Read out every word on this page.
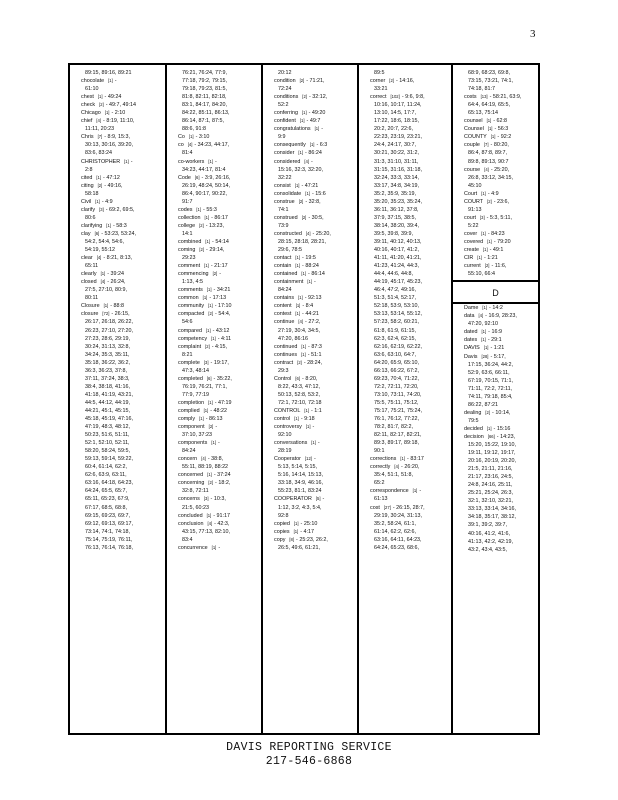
3
89:15, 89:16, 89:21
chocolate [1] -
61:10
chest [1] - 49:24
check [2] - 49:7, 49:14
Chicago [1] - 2:10
chief [4] - 8:19, 11:10,
11:11, 20:23
Chris [7] - 8:9, 15:3,
30:13, 30:16, 39:20,
83:6, 83:24
CHRISTOPHER [1] -
2:8
cited [1] - 47:12
citing [2] - 49:16,
58:18
Civil [1] - 4:9
clarify [3] - 69:2, 69:5,
80:6
clarifying [1] - 58:3
clay [6] - 53:23, 53:24,
54:2, 54:4, 54:6,
54:19, 55:12
clear [4] - 8:21, 8:13,
65:11
clearly [1] - 39:24
closed [4] - 26:24,
27:5, 27:10, 80:9,
80:11
Closure [1] - 88:8
closure [72] - 26:15,
26:17, 26:18, 26:22,
26:23, 27:10, 27:20,
27:23, 28:6, 29:19,
30:24, 31:13, 32:8,
34:24, 35:3, 35:11,
35:18, 36:22, 36:2,
36:3, 36:23, 37:8,
37:11, 37:24, 38:3,
38:4, 38:18, 41:16,
41:18, 41:19, 43:21,
44:5, 44:12, 44:19,
44:21, 45:1, 45:15,
45:18, 45:19, 47:16,
47:19, 48:3, 48:12,
50:23, 51:6, 51:11,
52:1, 52:10, 52:11,
58:20, 58:24, 59:5,
59:13, 59:14, 59:22,
60:4, 61:14, 62:2,
62:6, 63:9, 63:11,
63:16, 64:18, 64:23,
64:24, 65:5, 65:7,
65:11, 65:23, 67:9,
67:17, 68:5, 68:8,
69:15, 69:23, 69:7,
69:12, 69:13, 69:17,
73:14, 74:1, 74:18,
75:14, 75:19, 76:11,
76:13, 76:14, 76:18,
76:21, 76:24, 77:9,
77:18, 79:2, 79:15,
79:18, 79:23, 81:5,
81:8, 82:11, 82:18,
83:1, 84:17, 84:20,
84:22, 85:11, 86:13,
86:14, 87:1, 87:5,
88:6, 91:8
Co [1] - 3:10
co [4] - 34:23, 44:17,
81:4
co-workers [1] -
34:23, 44:17, 81:4
Code [6] - 3:9, 26:16,
26:19, 48:24, 50:14,
86:4, 90:17, 90:22,
91:7
codes [1] - 55:3
collection [1] - 86:17
college [2] - 13:23,
14:1
combined [1] - 54:14
coming [2] - 29:14,
29:23
comment [1] - 21:17
commencing [2] -
1:13, 4:5
comments [1] - 34:21
common [1] - 17:13
community [1] - 17:10
compacted [2] - 54:4,
54:6
compared [1] - 43:12
competency [1] - 4:11
complaint [2] - 4:15,
8:21
complete [3] - 19:17,
47:3, 48:14
completed [6] - 35:22,
76:19, 76:21, 77:1,
77:9, 77:19
completion [1] - 47:19
complied [1] - 48:22
comply [1] - 86:13
component [2] -
37:10, 37:23
components [1] -
84:24
concern [4] - 38:8,
55:11, 88:19, 88:22
concerned [1] - 37:24
concerning [2] - 18:2,
32:8, 72:11
concerns [3] - 10:3,
21:5, 60:23
concluded [1] - 91:17
conclusion [4] - 42:3,
43:15, 77:13, 82:10,
83:4
concurrence [1] -
20:12
condition [2] - 71:21,
72:24
conditions [2] - 32:12,
52:2
conferring [1] - 49:20
confident [1] - 49:7
congratulations [1] -
9:9
consequently [1] - 6:3
consider [1] - 86:24
considered [4] -
15:16, 32:3, 32:20,
32:22
consist [1] - 47:21
consolidate [1] - 15:6
construe [2] - 32:8,
74:1
construed [2] - 30:5,
73:9
constructed [4] - 25:20,
28:15, 28:18, 28:21,
29:6, 78:5
contact [1] - 19:5
contain [1] - 88:24
contained [1] - 86:14
containment [1] -
84:24
contains [1] - 92:13
content [1] - 8:4
contest [1] - 44:21
continue [4] - 27:2,
27:19, 30:4, 34:5,
47:20, 86:16
continued [1] - 87:3
continues [1] - 51:1
contract [2] - 28:24,
29:3
Control [6] - 8:20,
8:22, 43:3, 47:12,
50:13, 52:8, 53:2,
72:1, 72:10, 72:18
CONTROL [1] - 1:1
control [1] - 9:18
controversy [1] -
92:10
conversations [1] -
28:19
Cooperator [12] -
5:13, 5:14, 5:15,
5:16, 14:14, 15:13,
33:18, 34:9, 46:16,
55:23, 81:1, 83:24
COOPERATOR [5] -
1:12, 3:2, 4:3, 5:4,
92:8
copied [1] - 25:10
copies [1] - 4:17
copy [8] - 25:23, 26:2,
26:5, 49:6, 61:21,
89:5
corner [2] - 14:16,
33:21
correct [102] - 9:6, 9:8,
10:16, 10:17, 11:24,
13:10, 14:5, 17:7,
17:22, 18:6, 18:15,
20:2, 20:7, 22:6,
22:23, 23:19, 23:21,
24:4, 24:17, 30:7,
30:21, 30:22, 31:2,
31:3, 31:10, 31:11,
31:15, 31:16, 31:18,
32:24, 33:3, 33:14,
33:17, 34:8, 34:19,
35:2, 35:9, 35:19,
35:20, 35:23, 35:24,
36:11, 36:12, 37:8,
37:9, 37:15, 38:5,
38:14, 38:20, 39:4,
39:5, 39:8, 39:9,
39:11, 40:12, 40:13,
40:16, 40:17, 41:2,
41:11, 41:20, 41:21,
41:23, 41:24, 44:3,
44:4, 44:6, 44:8,
44:19, 45:17, 45:23,
46:4, 47:2, 49:16,
51:3, 51:4, 52:17,
52:18, 53:9, 53:10,
53:13, 53:14, 55:12,
57:23, 58:2, 60:21,
61:8, 61:9, 61:15,
62:3, 62:4, 62:15,
62:16, 62:19, 62:22,
63:6, 63:10, 64:7,
64:20, 65:9, 65:10,
66:13, 66:22, 67:2,
69:23, 70:4, 71:22,
72:2, 72:11, 72:20,
73:10, 73:11, 74:20,
75:5, 75:11, 75:12,
75:17, 75:21, 75:24,
76:1, 76:12, 77:22,
78:2, 81:7, 82:2,
82:11, 82:17, 82:21,
89:3, 89:17, 89:18,
90:1
corrections [1] - 83:17
correctly [4] - 26:20,
35:4, 51:1, 51:8,
65:2
correspondence [1] -
61:13
cost [27] - 26:15, 28:7,
29:19, 30:24, 31:13,
35:2, 58:24, 61:1,
61:14, 62:2, 62:6,
63:16, 64:11, 64:23,
64:24, 65:23, 68:6,
68:9, 68:23, 69:8,
73:15, 73:21, 74:1,
74:18, 81:7
costs [13] - 58:21, 63:9,
64:4, 64:19, 65:5,
65:13, 75:14
counsel [1] - 62:8
Counsel [1] - 56:3
COUNTY [1] - 92:2
couple [7] - 80:20,
86:4, 87:8, 89:7,
89:8, 89:13, 90:7
course [4] - 25:20,
26:8, 33:12, 34:15,
45:10
Court [1] - 4:9
COURT [2] - 23:6,
91:13
court [3] - 5:3, 5:11,
5:22
cover [1] - 84:23
covered [1] - 79:20
create [1] - 49:1
CIR [1] - 1:21
current [2] - 11:6,
55:10, 66:4
D
Dame [1] - 14:2
data [4] - 16:9, 28:23,
47:20, 92:10
dated [1] - 16:9
dates [1] - 29:1
DAVIS [1] - 1:21
Davis [28] - 5:17,
17:15, 36:24, 44:2,
52:9, 63:6, 66:11,
67:19, 70:15, 71:1,
71:11, 72:2, 72:11,
74:11, 79:18, 85:4,
86:22, 87:21
dealing [2] - 10:14,
79:5
decided [1] - 15:16
decision [66] - 14:23,
15:20, 15:22, 19:10,
19:11, 19:12, 19:17,
20:16, 20:19, 20:20,
21:5, 21:11, 21:16,
21:17, 23:16, 24:5,
24:8, 24:16, 25:11,
25:21, 25:24, 26:3,
32:1, 32:10, 32:21,
33:13, 33:14, 34:16,
34:18, 35:17, 38:12,
39:1, 39:2, 39:7,
40:16, 41:2, 41:6,
41:13, 42:2, 42:19,
43:2, 43:4, 43:5,
DAVIS REPORTING SERVICE
217-546-6868
